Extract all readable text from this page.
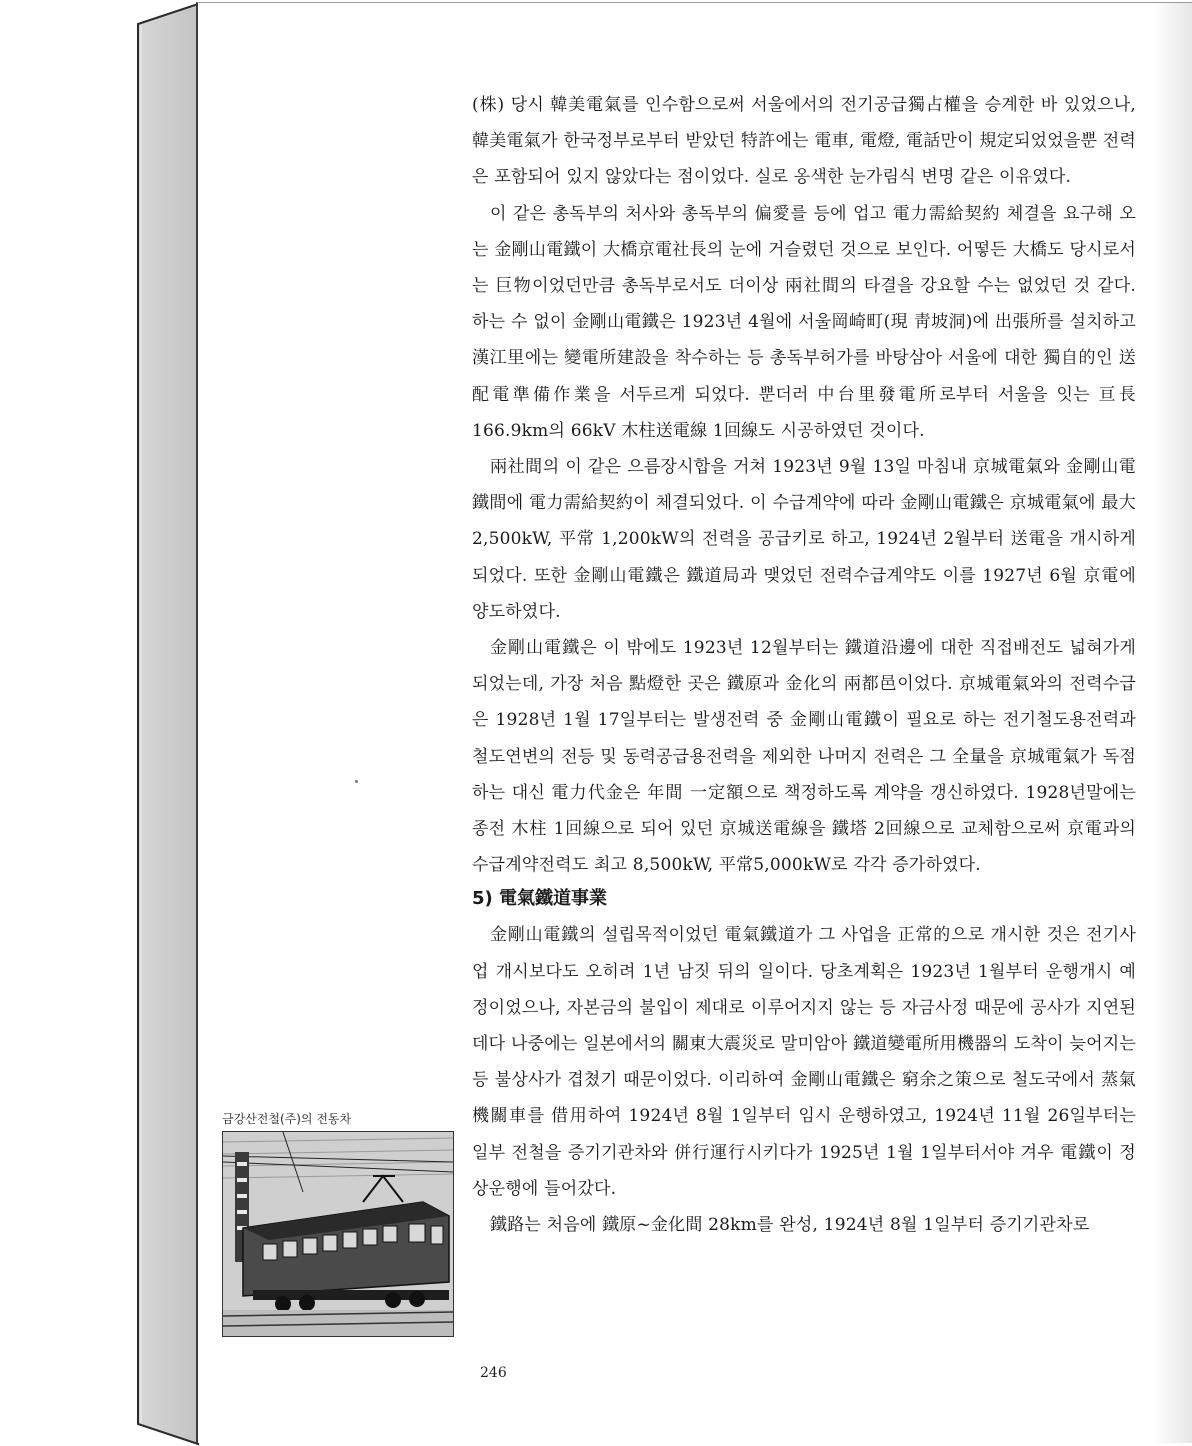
(株) 당시 韓美電氣를 인수함으로써 서울에서의 전기공급獨占權을 승계한 바 있었으나, 韓美電氣가 한국정부로부터 받았던 特許에는 電車, 電燈, 電話만이 規定되었었을뿐 전력은 포함되어 있지 않았다는 점이었다. 실로 옹색한 눈가림식 변명 같은 이유였다.

이 같은 총독부의 처사와 총독부의 偏愛를 등에 업고 電力需給契約 체결을 요구해 오는 金剛山電鐵이 大橋京電社長의 눈에 거슬렸던 것으로 보인다. 어떻든 大橋도 당시로서는 巨物이었던만큼 총독부로서도 더이상 兩社間의 타결을 강요할 수는 없었던 것 같다. 하는 수 없이 金剛山電鐵은 1923년 4월에 서울岡崎町(現 靑坡洞)에 出張所를 설치하고 漢江里에는 變電所建設을 착수하는 등 총독부허가를 바탕삼아 서울에 대한 獨自的인 送配電準備作業을 서두르게 되었다. 뿐더러 中台里發電所로부터 서울을 잇는 亘長 166.9km의 66kV 木柱送電線 1回線도 시공하였던 것이다.

兩社間의 이 같은 으름장시합을 거쳐 1923년 9월 13일 마침내 京城電氣와 金剛山電鐵間에 電力需給契約이 체결되었다. 이 수급계약에 따라 金剛山電鐵은 京城電氣에 最大 2,500kW, 平常 1,200kW의 전력을 공급키로 하고, 1924년 2월부터 送電을 개시하게 되었다. 또한 金剛山電鐵은 鐵道局과 맺었던 전력수급계약도 이를 1927년 6월 京電에 양도하였다.

金剛山電鐵은 이 밖에도 1923년 12월부터는 鐵道沿邊에 대한 직접배전도 넓혀가게 되었는데, 가장 처음 點燈한 곳은 鐵原과 金化의 兩都邑이었다. 京城電氣와의 전력수급은 1928년 1월 17일부터는 발생전력 중 金剛山電鐵이 필요로 하는 전기철도용전력과 철도연변의 전등 및 동력공급용전력을 제외한 나머지 전력은 그 全量을 京城電氣가 독점하는 대신 電力代金은 年間 一定額으로 책정하도록 계약을 갱신하였다. 1928년말에는 종전 木柱 1回線으로 되어 있던 京城送電線을 鐵塔 2回線으로 교체함으로써 京電과의 수급계약전력도 최고 8,500kW, 平常5,000kW로 각각 증가하였다.

5) 電氣鐵道事業

金剛山電鐵의 설립목적이었던 電氣鐵道가 그 사업을 正常的으로 개시한 것은 전기사업 개시보다도 오히려 1년 남짓 뒤의 일이다. 당초계획은 1923년 1월부터 운행개시 예정이었으나, 자본금의 불입이 제대로 이루어지지 않는 등 자금사정 때문에 공사가 지연된데다 나중에는 일본에서의 關東大震災로 말미암아 鐵道變電所用機器의 도착이 늦어지는 등 불상사가 겹쳤기 때문이었다. 이리하여 金剛山電鐵은 窮余之策으로 철도국에서 蒸氣機關車를 借用하여 1924년 8월 1일부터 임시 운행하였고, 1924년 11월 26일부터는 일부 전철을 증기기관차와 併行運行시키다가 1925년 1월 1일부터서야 겨우 電鐵이 정상운행에 들어갔다.

鐵路는 처음에 鐵原~金化間 28km를 완성, 1924년 8월 1일부터 증기기관차로

금강산전철(주)의 전동차
246
